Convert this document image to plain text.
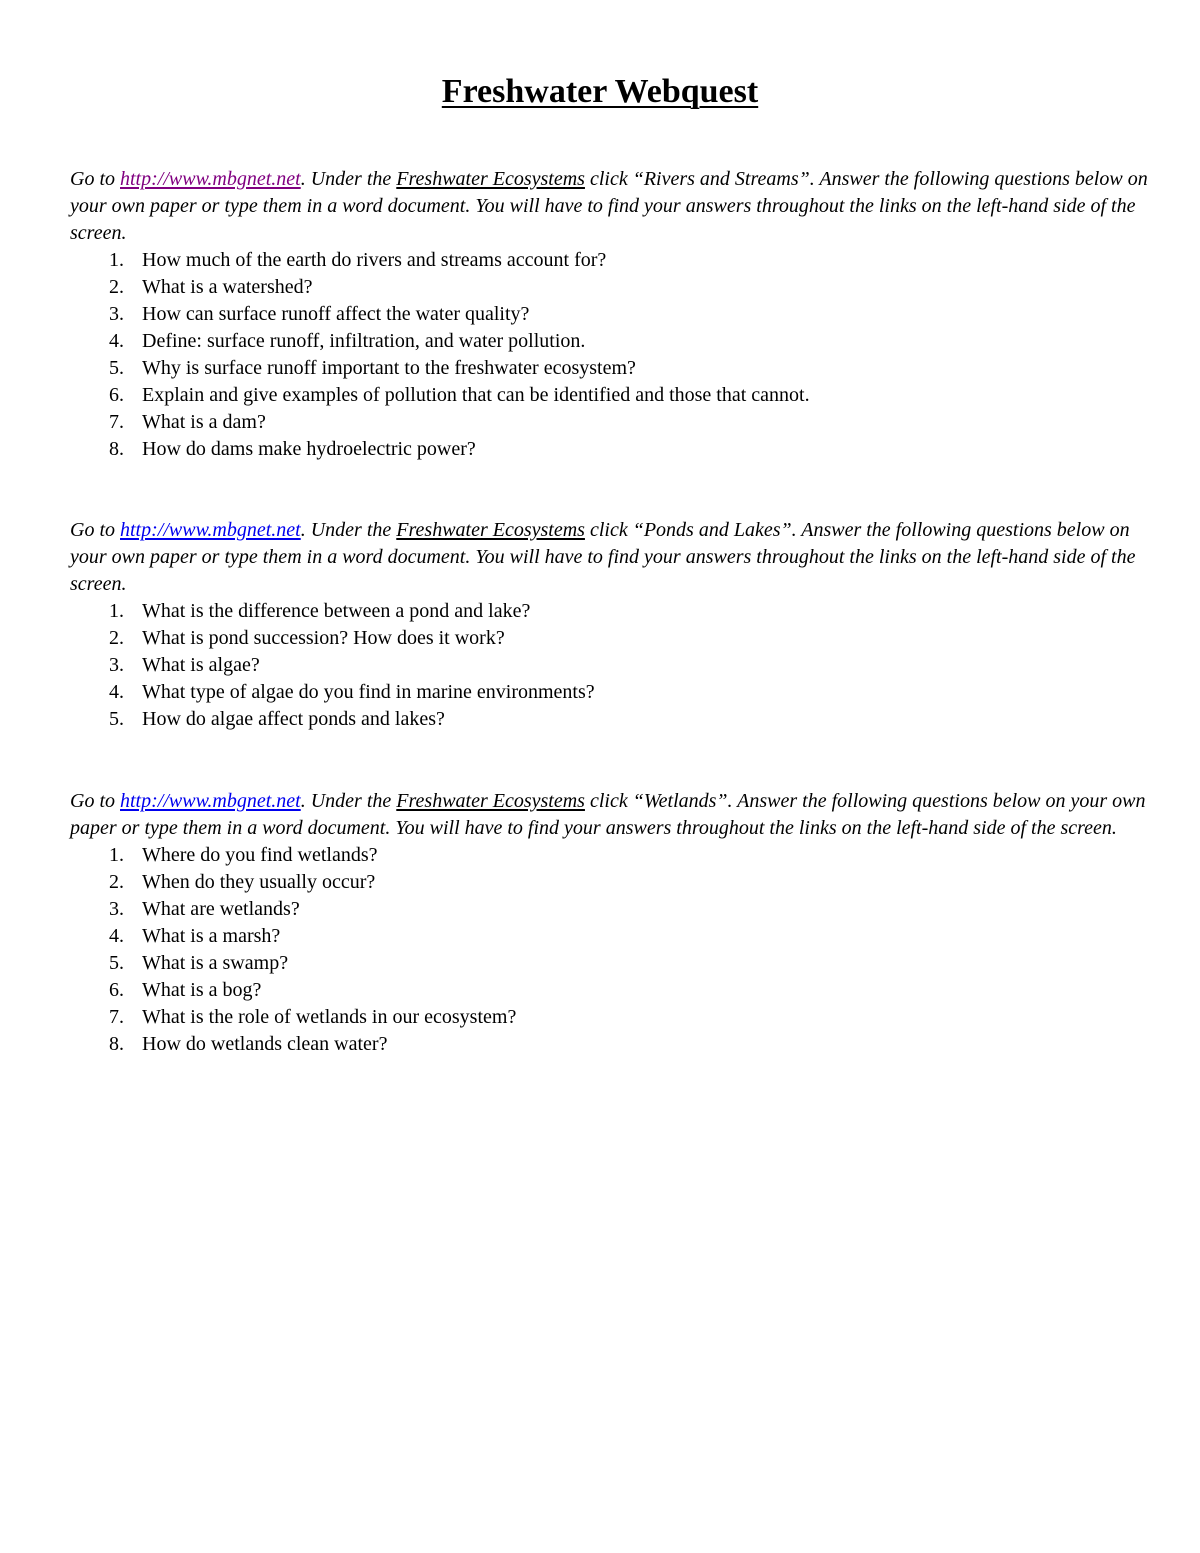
Freshwater Webquest

Go to http://www.mbgnet.net. Under the Freshwater Ecosystems click “Rivers and Streams”. Answer the following questions below on your own paper or type them in a word document. You will have to find your answers throughout the links on the left-hand side of the screen.

1. How much of the earth do rivers and streams account for?
2. What is a watershed?
3. How can surface runoff affect the water quality?
4. Define: surface runoff, infiltration, and water pollution.
5. Why is surface runoff important to the freshwater ecosystem?
6. Explain and give examples of pollution that can be identified and those that cannot.
7. What is a dam?
8. How do dams make hydroelectric power?

Go to http://www.mbgnet.net. Under the Freshwater Ecosystems click “Ponds and Lakes”. Answer the following questions below on your own paper or type them in a word document. You will have to find your answers throughout the links on the left-hand side of the screen.

1. What is the difference between a pond and lake?
2. What is pond succession? How does it work?
3. What is algae?
4. What type of algae do you find in marine environments?
5. How do algae affect ponds and lakes?

Go to http://www.mbgnet.net. Under the Freshwater Ecosystems click “Wetlands”. Answer the following questions below on your own paper or type them in a word document. You will have to find your answers throughout the links on the left-hand side of the screen.

1. Where do you find wetlands?
2. When do they usually occur?
3. What are wetlands?
4. What is a marsh?
5. What is a swamp?
6. What is a bog?
7. What is the role of wetlands in our ecosystem?
8. How do wetlands clean water?
